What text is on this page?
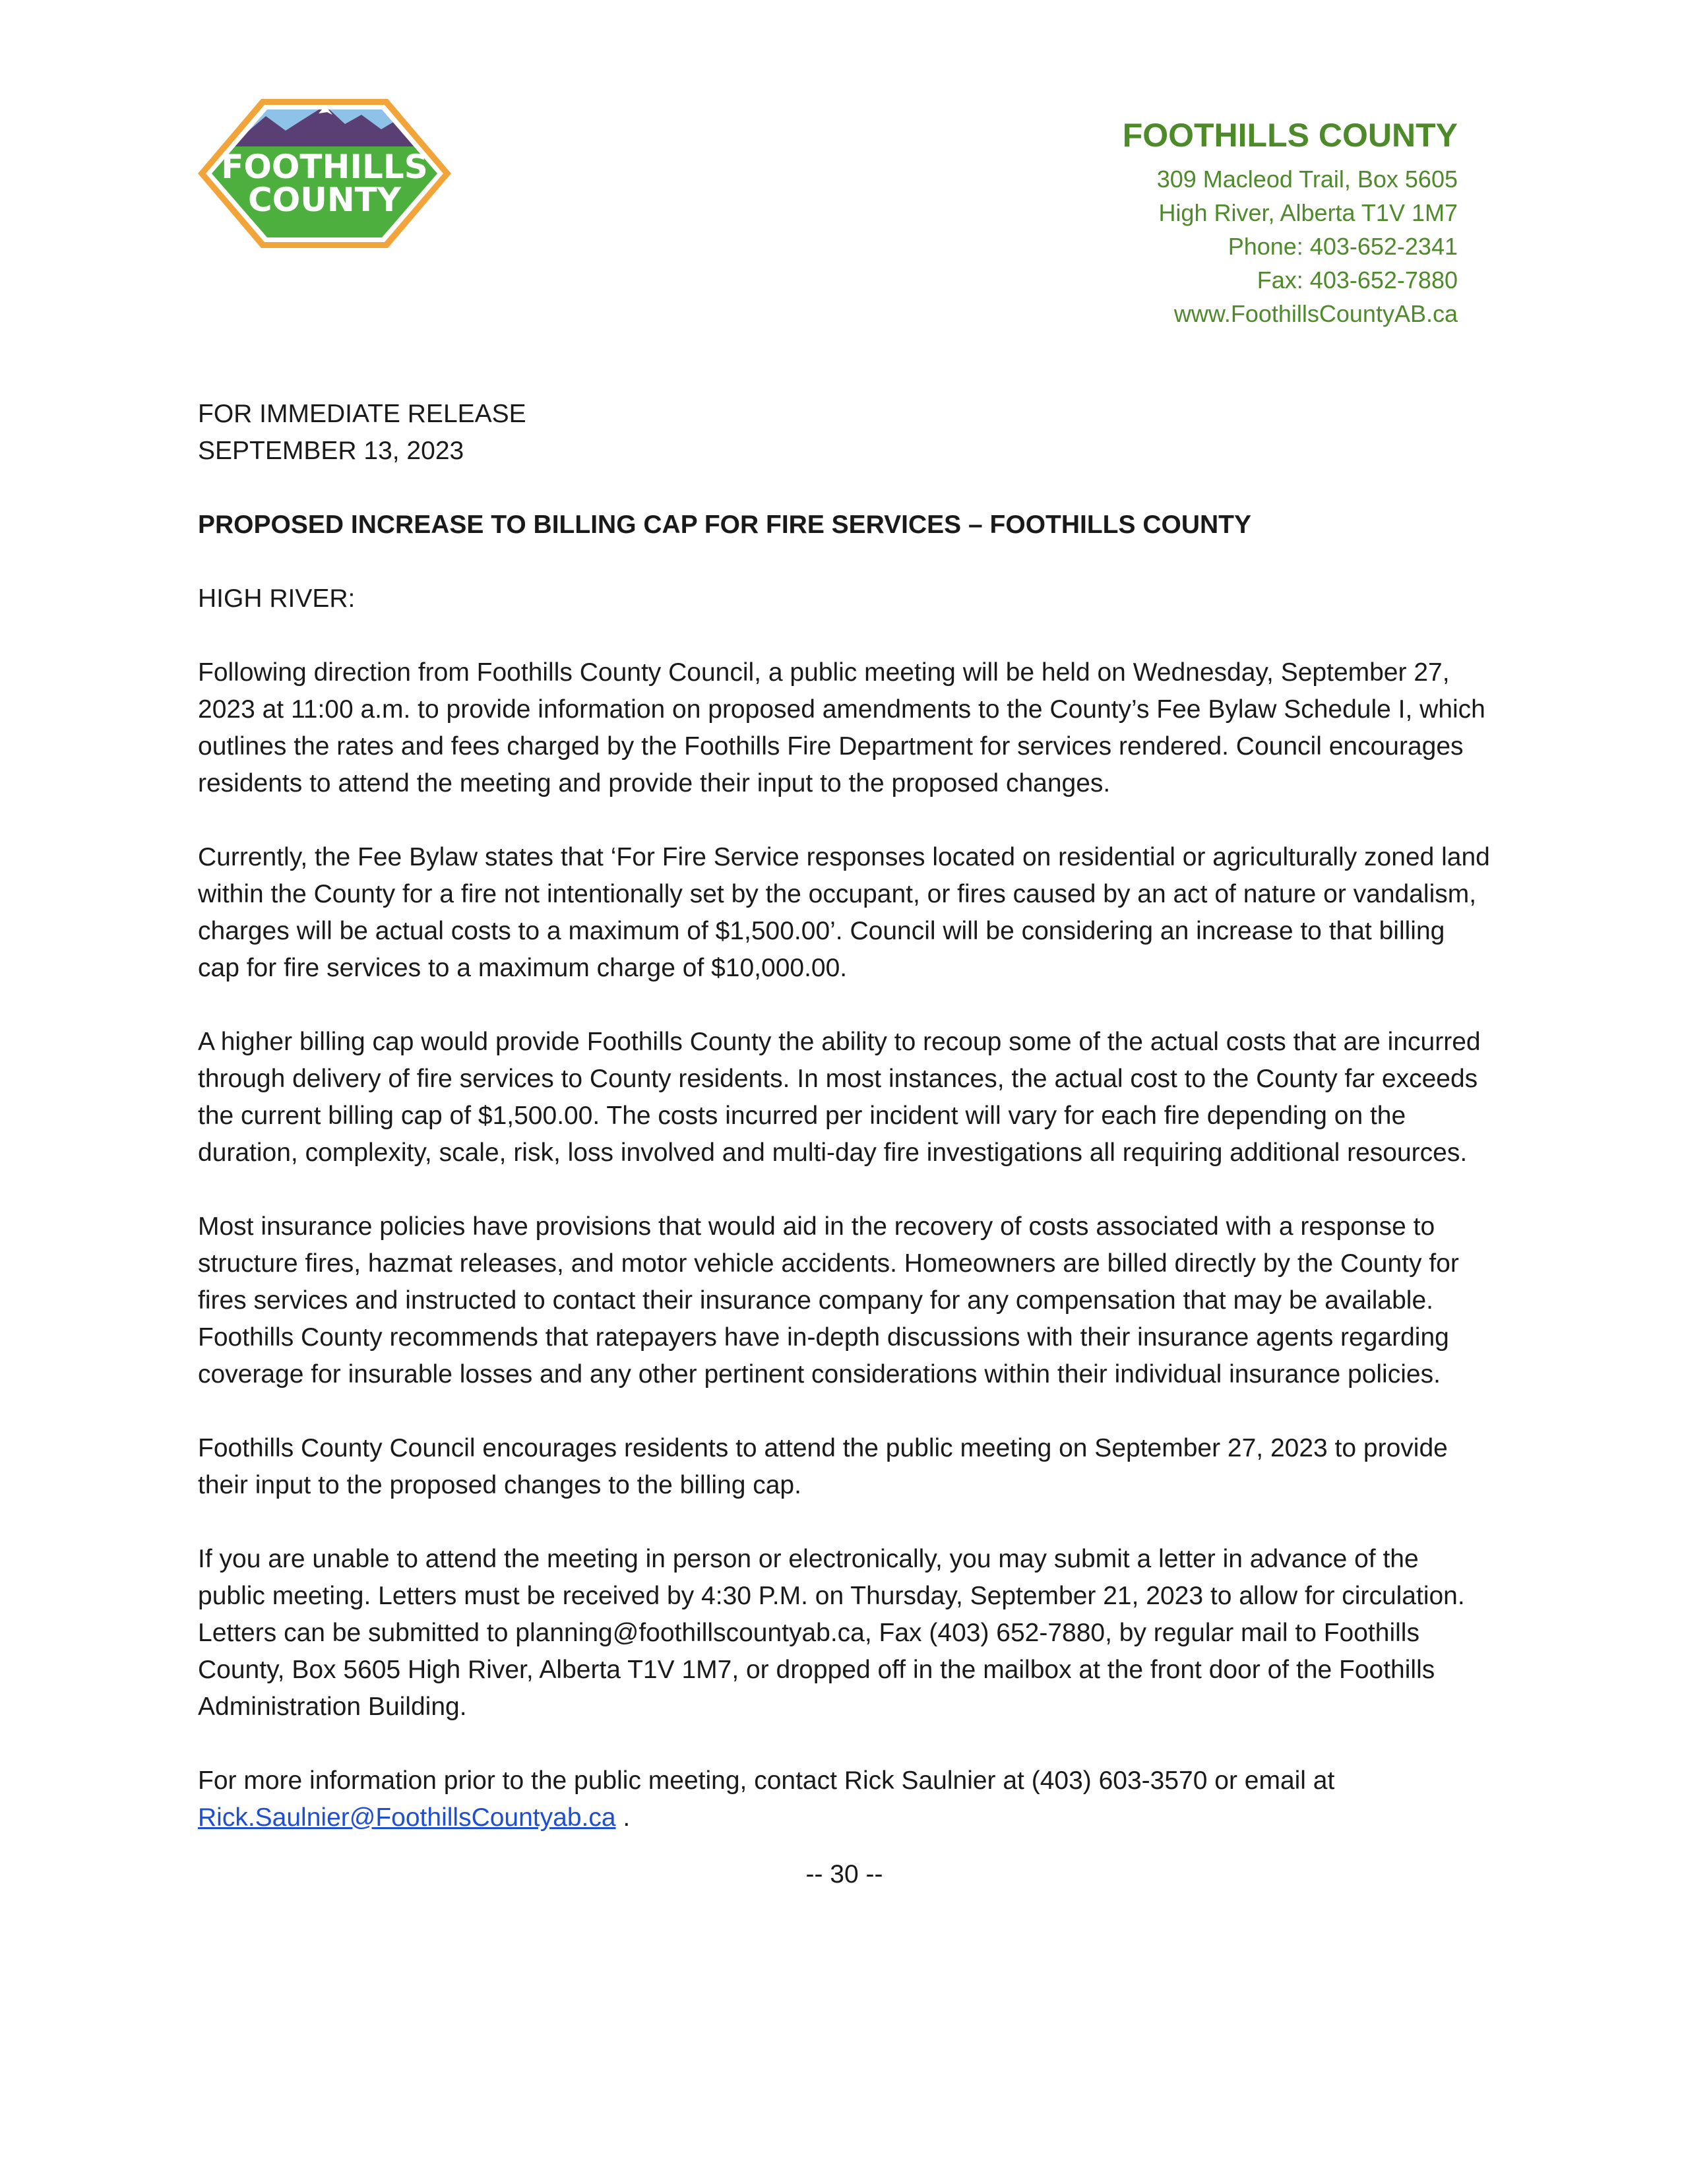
FOOTHILLS
COUNTY
FOOTHILLS COUNTY
309 Macleod Trail, Box 5605
High River, Alberta T1V 1M7
Phone: 403-652-2341
Fax: 403-652-7880
www.FoothillsCountyAB.ca

FOR IMMEDIATE RELEASE

SEPTEMBER 13, 2023

PROPOSED INCREASE TO BILLING CAP FOR FIRE SERVICES – FOOTHILLS COUNTY

HIGH RIVER:

Following direction from Foothills County Council, a public meeting will be held on Wednesday, September 27, 2023 at 11:00 a.m. to provide information on proposed amendments to the County’s Fee Bylaw Schedule I, which outlines the rates and fees charged by the Foothills Fire Department for services rendered. Council encourages residents to attend the meeting and provide their input to the proposed changes.

Currently, the Fee Bylaw states that ‘For Fire Service responses located on residential or agriculturally zoned land within the County for a fire not intentionally set by the occupant, or fires caused by an act of nature or vandalism, charges will be actual costs to a maximum of $1,500.00’. Council will be considering an increase to that billing cap for fire services to a maximum charge of $10,000.00.

A higher billing cap would provide Foothills County the ability to recoup some of the actual costs that are incurred through delivery of fire services to County residents. In most instances, the actual cost to the County far exceeds the current billing cap of $1,500.00. The costs incurred per incident will vary for each fire depending on the duration, complexity, scale, risk, loss involved and multi-day fire investigations all requiring additional resources.

Most insurance policies have provisions that would aid in the recovery of costs associated with a response to structure fires, hazmat releases, and motor vehicle accidents. Homeowners are billed directly by the County for fires services and instructed to contact their insurance company for any compensation that may be available. Foothills County recommends that ratepayers have in-depth discussions with their insurance agents regarding coverage for insurable losses and any other pertinent considerations within their individual insurance policies.

Foothills County Council encourages residents to attend the public meeting on September 27, 2023 to provide their input to the proposed changes to the billing cap.

If you are unable to attend the meeting in person or electronically, you may submit a letter in advance of the public meeting. Letters must be received by 4:30 P.M. on Thursday, September 21, 2023 to allow for circulation. Letters can be submitted to planning@foothillscountyab.ca, Fax (403) 652-7880, by regular mail to Foothills County, Box 5605 High River, Alberta T1V 1M7, or dropped off in the mailbox at the front door of the Foothills Administration Building.

For more information prior to the public meeting, contact Rick Saulnier at (403) 603-3570 or email at
Rick.Saulnier@FoothillsCountyab.ca .

-- 30 --
